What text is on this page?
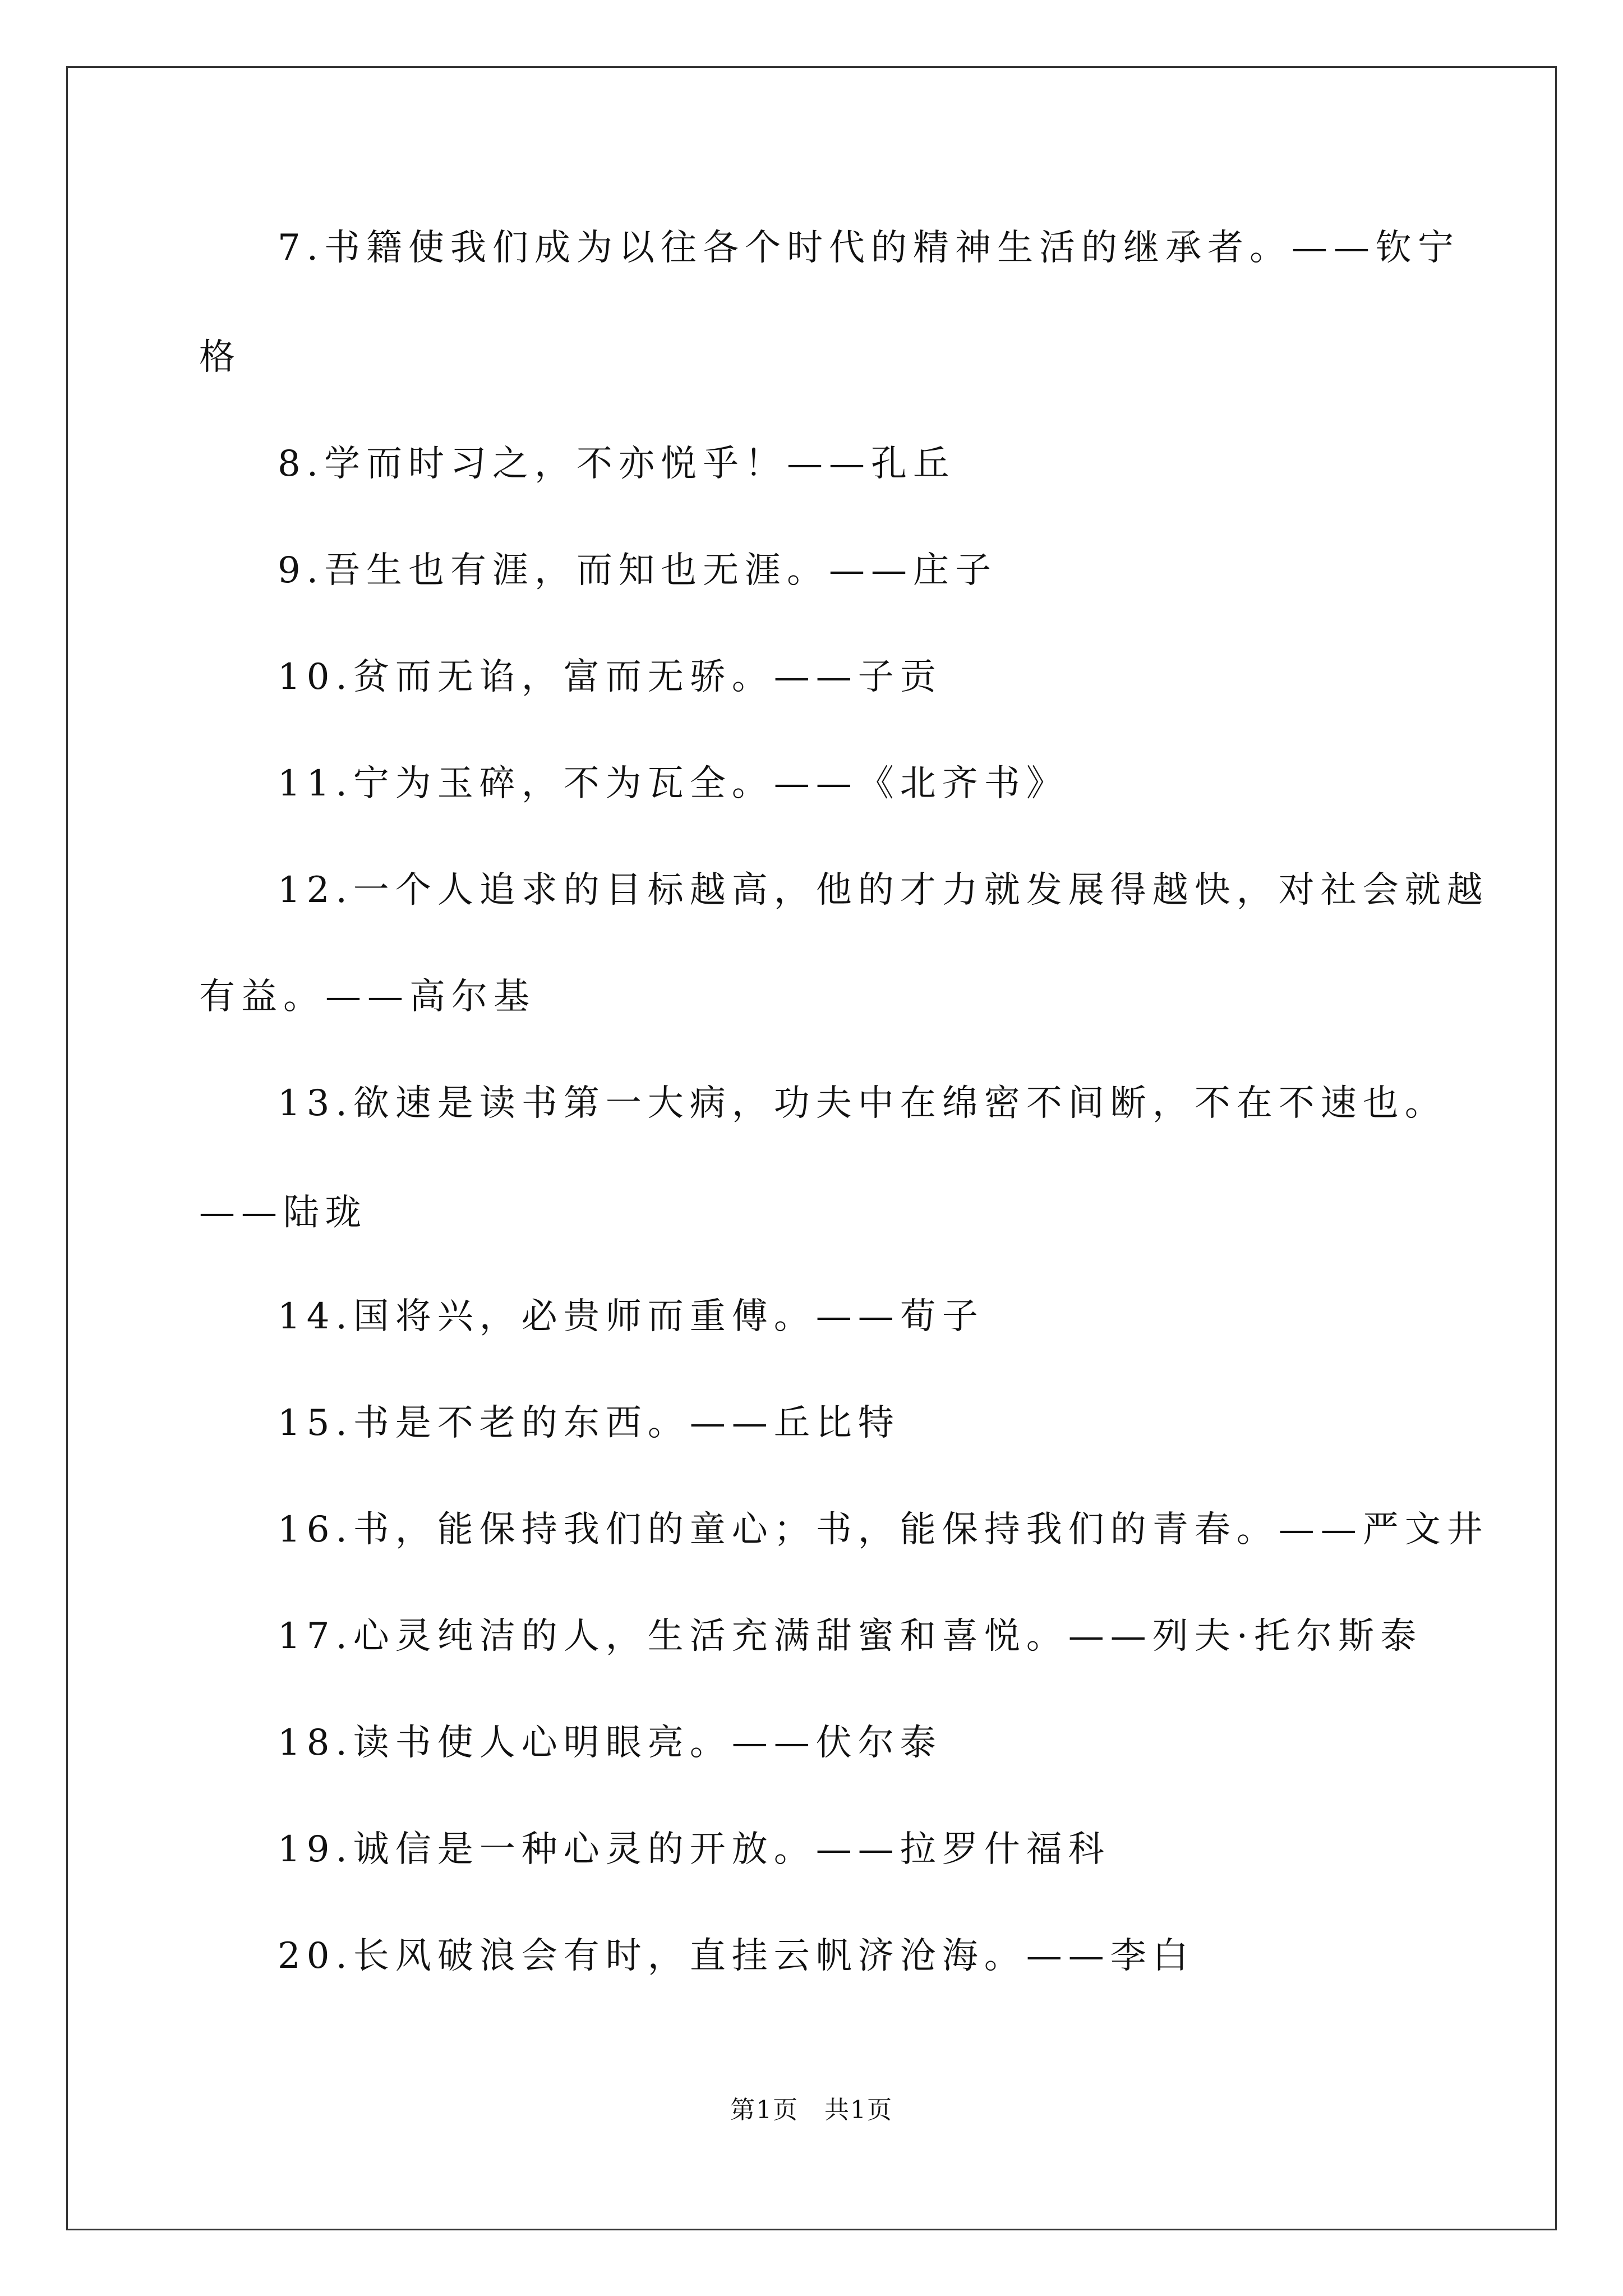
7.书籍使我们成为以往各个时代的精神生活的继承者。——钦宁
格
8.学而时习之，不亦悦乎！——孔丘
9.吾生也有涯，而知也无涯。——庄子
10.贫而无谄，富而无骄。——子贡
11.宁为玉碎，不为瓦全。——《北齐书》
12.一个人追求的目标越高，他的才力就发展得越快，对社会就越
有益。——高尔基
13.欲速是读书第一大病，功夫中在绵密不间断，不在不速也。
——陆珑
14.国将兴，必贵师而重傅。——荀子
15.书是不老的东西。——丘比特
16.书，能保持我们的童心；书，能保持我们的青春。——严文井
17.心灵纯洁的人，生活充满甜蜜和喜悦。——列夫·托尔斯泰
18.读书使人心明眼亮。——伏尔泰
19.诚信是一种心灵的开放。——拉罗什福科
20.长风破浪会有时，直挂云帆济沧海。——李白
第1页　共1页
